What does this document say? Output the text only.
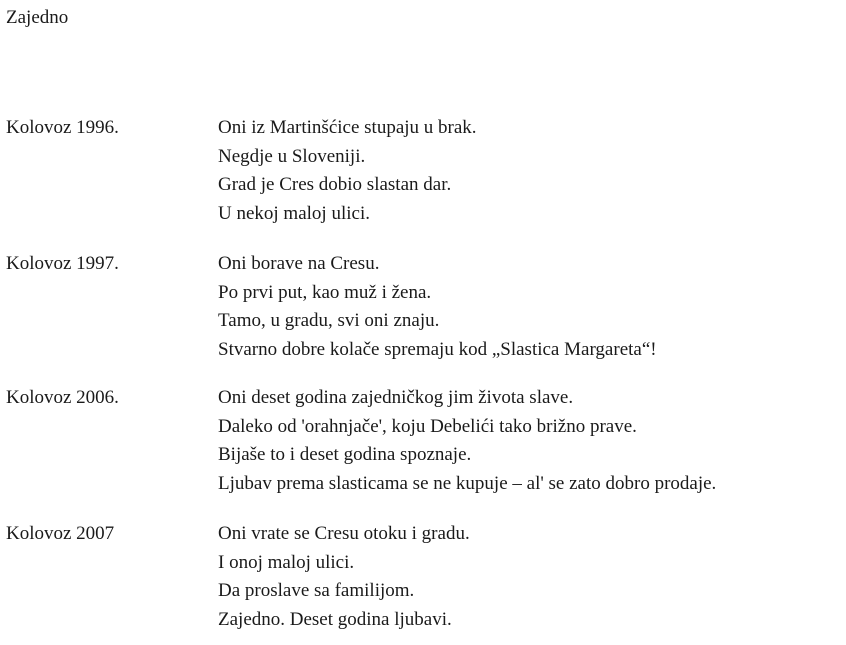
Zajedno
Kolovoz 1996.	Oni iz Martinšćice stupaju u brak.
Negdje u Sloveniji.
Grad je Cres dobio slastan dar.
U nekoj maloj ulici.
Kolovoz 1997.	Oni borave na Cresu.
Po prvi put, kao muž i žena.
Tamo, u gradu, svi oni znaju.
Stvarno dobre kolače spremaju kod „Slastica Margareta“!
Kolovoz 2006.	Oni deset godina zajedničkog jim života slave.
Daleko od 'orahnjače', koju Debelići tako brižno prave.
Bijaše to i deset godina spoznaje.
Ljubav prema slasticama se ne kupuje – al' se zato dobro prodaje.
Kolovoz 2007	Oni vrate se Cresu otoku i gradu.
I onoj maloj ulici.
Da proslave sa familijom.
Zajedno. Deset godina ljubavi.
